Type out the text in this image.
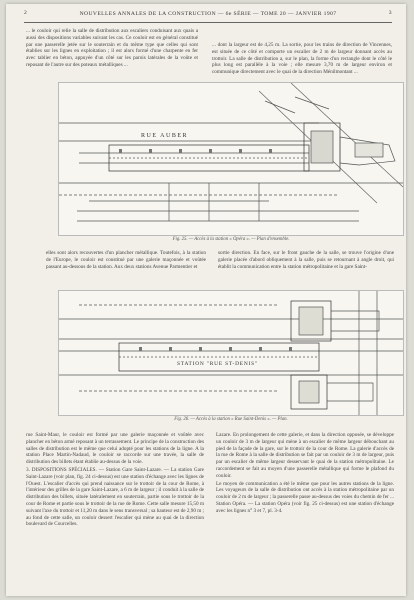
2	NOUVELLES ANNALES DE LA CONSTRUCTION — 6e SÉRIE — TOME 20 — JANVIER 1907	3

... le couloir qui relie la salle de distribution aux escaliers conduisant aux quais a aussi des dispositions variables suivant les cas. Ce couloir est en général constitué par une passerelle jetée sur le souterrain et du même type que celles qui sont établies sur les lignes en exploitation ; il est alors formé d'une charpente en fer avec tablier en béton, appuyée d'un côté sur les parois latérales de la voûte et reposant de l'autre sur des poteaux métalliques ...

... dont la largeur est de 4,25 m. La sortie, pour les trains de direction de Vincennes, est située de ce côté et comporte un escalier de 2 m de largeur donnant accès au trottoir. La salle de distribution a, sur le plan, la forme d'un rectangle dont le côté le plus long est parallèle à la voie ; elle mesure 3,70 m de largeur environ et communique directement avec le quai de la direction Ménilmontant ...

RUE AUBER
Fig. 25. — Accès à la station « Opéra ». — Plan d'ensemble.

elles sont alors recouvertes d'un plancher métallique. Toutefois, à la station de l'Europe, le couloir est constitué par une galerie maçonnée et voûtée passant au-dessous de la station. Aux deux stations Avenue Parmentier et

sortie direction. En face, sur le front gauche de la salle, se trouve l'origine d'une galerie placée d'abord obliquement à la salle, puis se retournant à angle droit, qui établit la communication entre la station métropolitaine et la gare Saint-

STATION "RUE ST-DENIS"
Fig. 26. — Accès à la station « Rue Saint-Denis ». — Plan.

rue Saint-Maur, le couloir est formé par une galerie maçonnée et voûtée avec plancher en béton armé reposant à un terrassement. Le principe de la construction des salles de distribution est le même que celui adopté pour les stations de la ligne. A la station Place Martin-Nadaud, le couloir se raccorde sur une travée, la salle de distribution des billets étant établie au-dessus de la voie.

3. DISPOSITIONS SPÉCIALES. — Station Gare Saint-Lazare. — La station Gare Saint-Lazare (voir plan, fig. 24 ci-dessus) est une station d'échange avec les lignes de l'Ouest. L'escalier d'accès qui prend naissance sur le trottoir de la cour de Rome, à l'intérieur des grilles de la gare Saint-Lazare, a 6 m de largeur ; il conduit à la salle de distribution des billets, située latéralement en souterrain, partie sous le trottoir de la cour de Rome et partie sous le trottoir de la rue de Rome. Cette salle mesure 15,50 m suivant l'axe du trottoir et 11,20 m dans le sens transversal ; sa hauteur est de 2,90 m ; au fond de cette salle, un couloir dessert l'escalier qui mène au quai de la direction boulevard de Courcelles.

Lazare. En prolongement de cette galerie, et dans la direction opposée, se développe un couloir de 3 m de largeur qui mène à un escalier de même largeur débouchant au pied de la façade de la gare, sur le trottoir de la cour de Rome. La galerie d'accès de la rue de Rome à la salle de distribution se fait par un couloir de 3 m de largeur, puis par un escalier de même largeur desservant le quai de la station métropolitaine. Le raccordement se fait au moyen d'une passerelle métallique qui forme le plafond du couloir.

Le moyen de communication a été le même que pour les autres stations de la ligne. Les voyageurs de la salle de distribution ont accès à la station métropolitaine par un couloir de 2 m de largeur ; la passerelle passe au-dessus des voies du chemin de fer ... Station Opéra. — La station Opéra (voir fig. 25 ci-dessus) est une station d'échange avec les lignes n° 3 et 7, pl. 3-4.
